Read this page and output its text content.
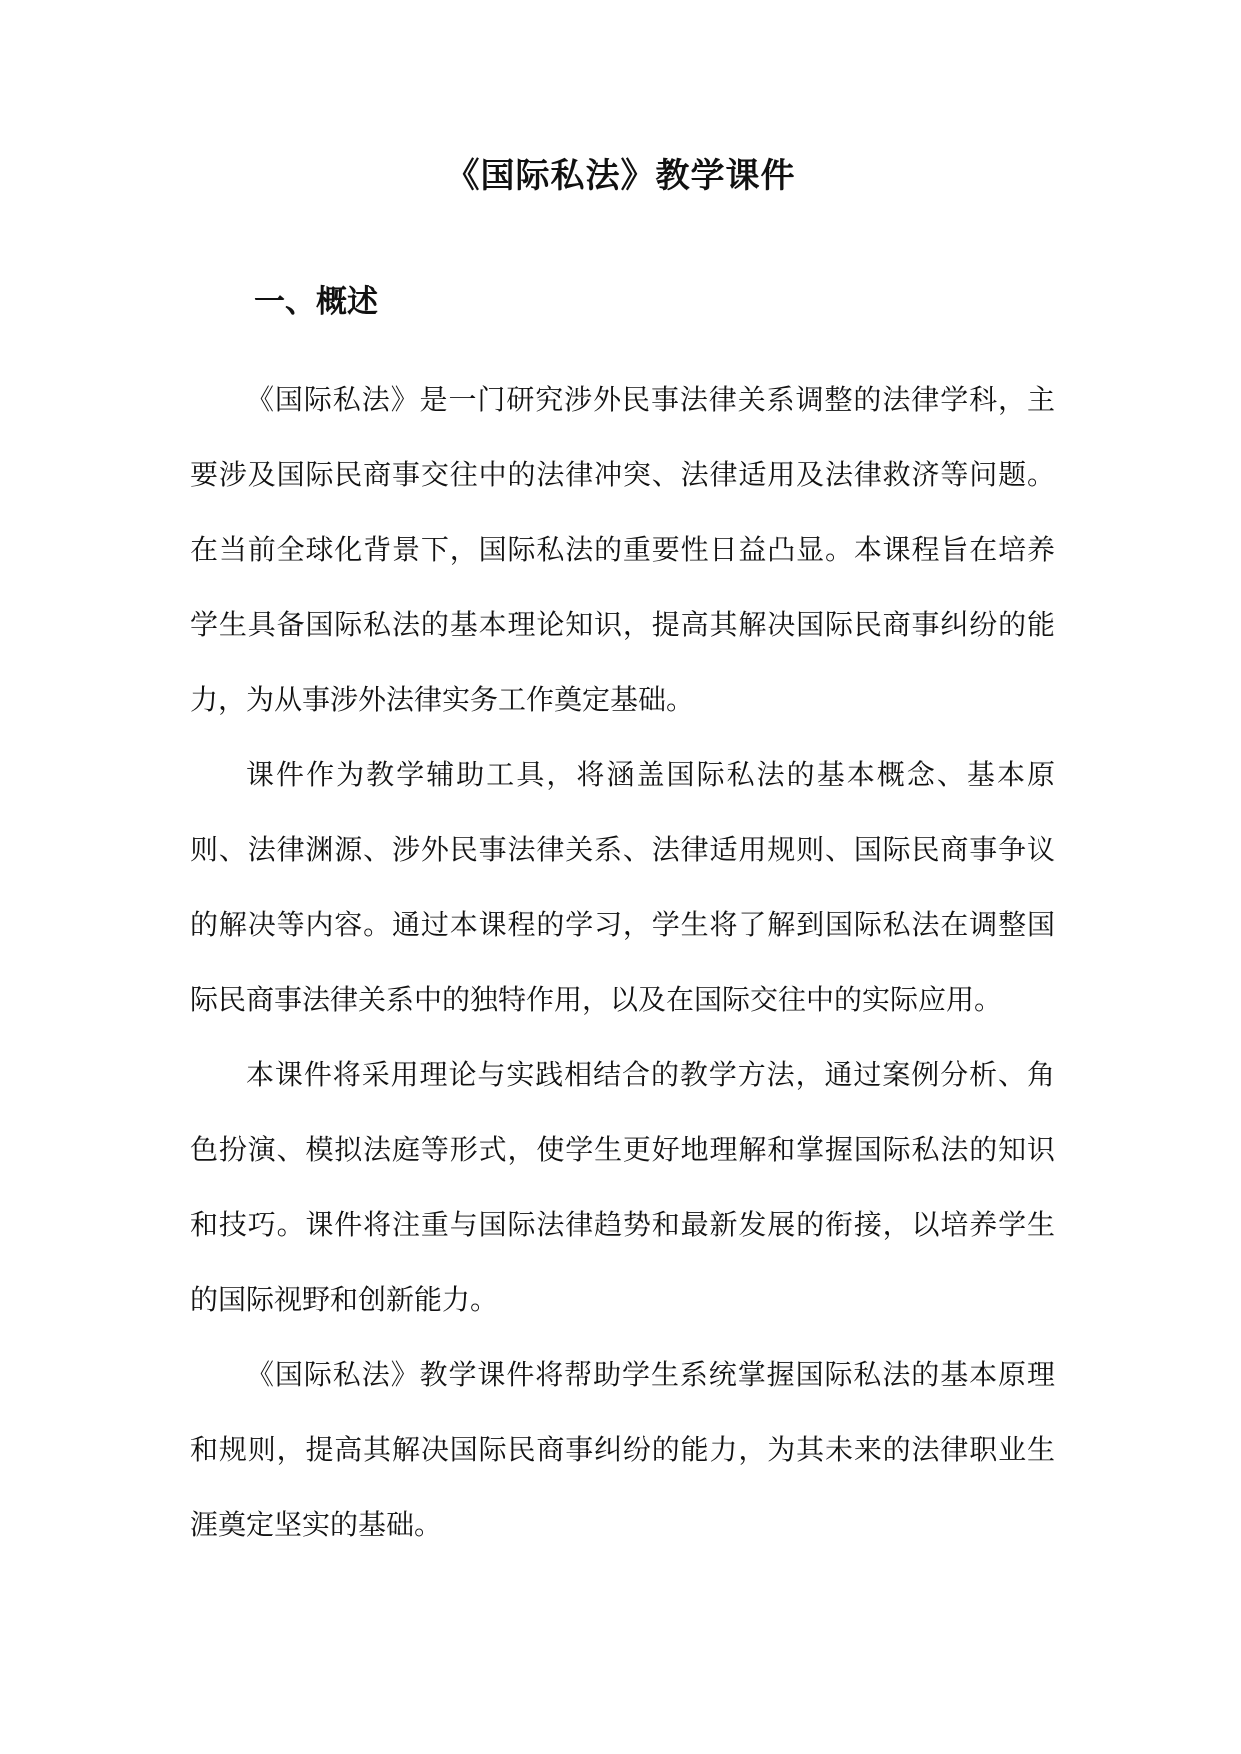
《国际私法》教学课件
一、概述

《国际私法》是一门研究涉外民事法律关系调整的法律学科，主要涉及国际民商事交往中的法律冲突、法律适用及法律救济等问题。在当前全球化背景下，国际私法的重要性日益凸显。本课程旨在培养学生具备国际私法的基本理论知识，提高其解决国际民商事纠纷的能力，为从事涉外法律实务工作奠定基础。

课件作为教学辅助工具，将涵盖国际私法的基本概念、基本原则、法律渊源、涉外民事法律关系、法律适用规则、国际民商事争议的解决等内容。通过本课程的学习，学生将了解到国际私法在调整国际民商事法律关系中的独特作用，以及在国际交往中的实际应用。

本课件将采用理论与实践相结合的教学方法，通过案例分析、角色扮演、模拟法庭等形式，使学生更好地理解和掌握国际私法的知识和技巧。课件将注重与国际法律趋势和最新发展的衔接，以培养学生的国际视野和创新能力。

《国际私法》教学课件将帮助学生系统掌握国际私法的基本原理和规则，提高其解决国际民商事纠纷的能力，为其未来的法律职业生涯奠定坚实的基础。
